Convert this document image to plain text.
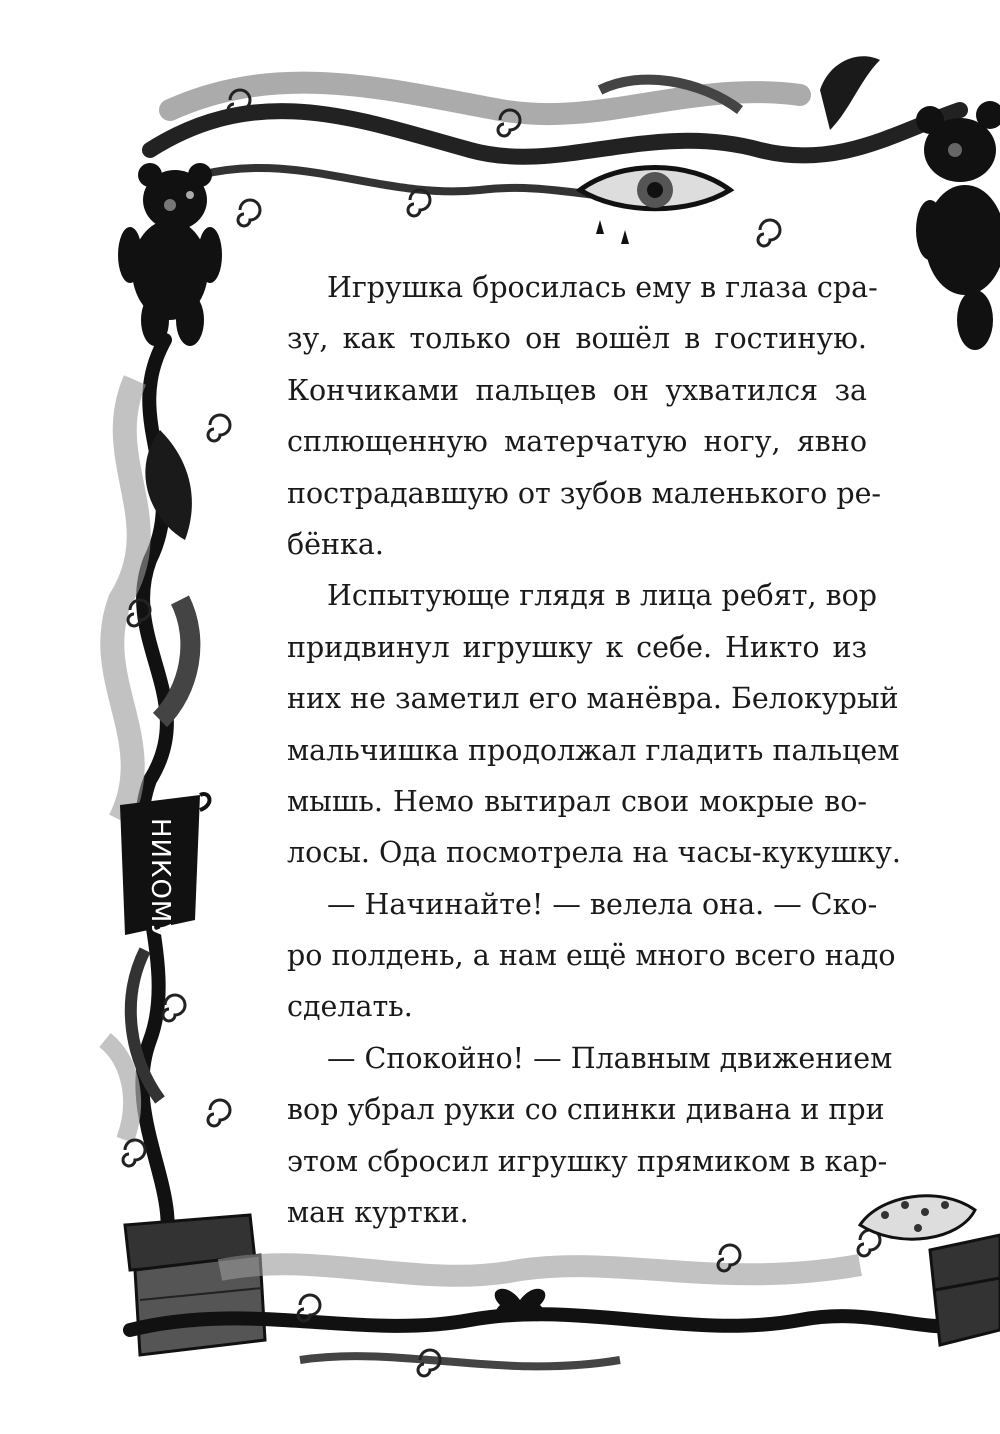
НИКОМУ
Игрушка бросилась ему в глаза сра-
зу, как только он вошёл в гостиную.
Кончиками пальцев он ухватился за
сплющенную матерчатую ногу, явно
пострадавшую от зубов маленького ре-
бёнка.
Испытующе глядя в лица ребят, вор
придвинул игрушку к себе. Никто из
них не заметил его манёвра. Белокурый
мальчишка продолжал гладить пальцем
мышь. Немо вытирал свои мокрые во-
лосы. Ода посмотрела на часы-кукушку.
— Начинайте! — велела она. — Ско-
ро полдень, а нам ещё много всего надо
сделать.
— Спокойно! — Плавным движением
вор убрал руки со спинки дивана и при
этом сбросил игрушку прямиком в кар-
ман куртки.
